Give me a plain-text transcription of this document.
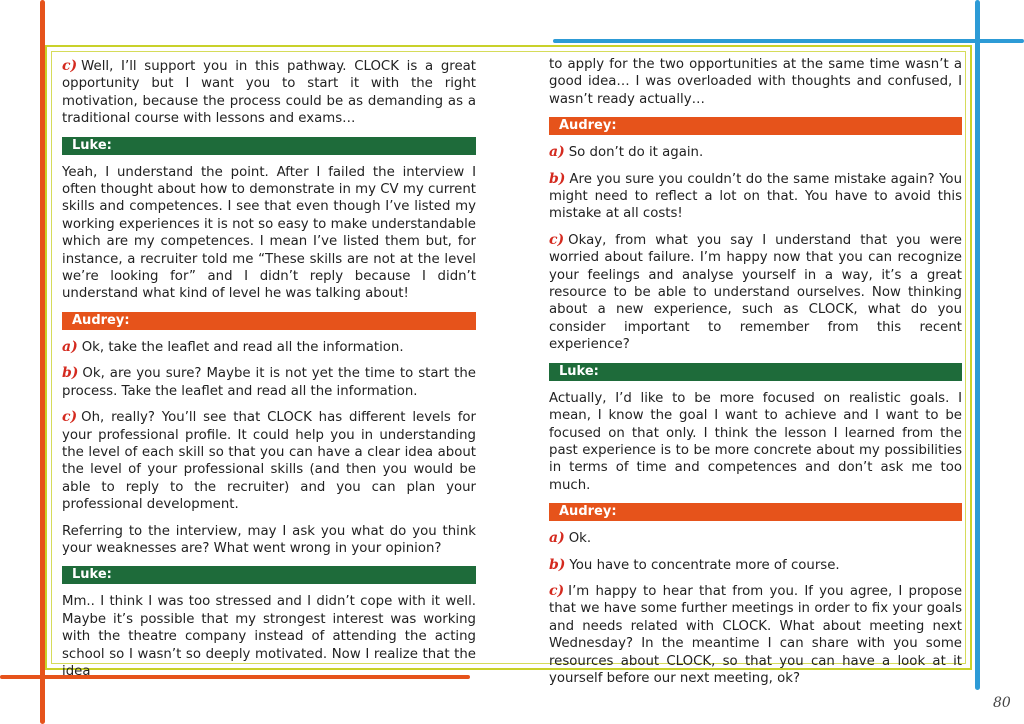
c) Well, I’ll support you in this pathway. CLOCK is a great opportunity but I want you to start it with the right motivation, because the process could be as demanding as a traditional course with lessons and exams…

Luke:

Yeah, I understand the point. After I failed the interview I often thought about how to demonstrate in my CV my current skills and competences. I see that even though I’ve listed my working experiences it is not so easy to make understandable which are my competences. I mean I’ve listed them but, for instance, a recruiter told me “These skills are not at the level we’re looking for” and I didn’t reply because I didn’t understand what kind of level he was talking about!

Audrey:

a) Ok, take the leaflet and read all the information.

b) Ok, are you sure? Maybe it is not yet the time to start the process. Take the leaflet and read all the information.

c) Oh, really? You’ll see that CLOCK has different levels for your professional profile. It could help you in understanding the level of each skill so that you can have a clear idea about the level of your professional skills (and then you would be able to reply to the recruiter) and you can plan your professional development.

Referring to the interview, may I ask you what do you think your weaknesses are? What went wrong in your opinion?

Luke:

Mm.. I think I was too stressed and I didn’t cope with it well. Maybe it’s possible that my strongest interest was working with the theatre company instead of attending the acting school so I wasn’t so deeply motivated. Now I realize that the idea

to apply for the two opportunities at the same time wasn’t a good idea… I was overloaded with thoughts and confused, I wasn’t ready actually…

Audrey:

a) So don’t do it again.

b) Are you sure you couldn’t do the same mistake again? You might need to reflect a lot on that. You have to avoid this mistake at all costs!

c) Okay, from what you say I understand that you were worried about failure. I’m happy now that you can recognize your feelings and analyse yourself in a way, it’s a great resource to be able to understand ourselves. Now thinking about a new experience, such as CLOCK, what do you consider important to remember from this recent experience?

Luke:

Actually, I’d like to be more focused on realistic goals. I mean, I know the goal I want to achieve and I want to be focused on that only. I think the lesson I learned from the past experience is to be more concrete about my possibilities in terms of time and competences and don’t ask me too much.

Audrey:

a) Ok.

b) You have to concentrate more of course.

c) I’m happy to hear that from you. If you agree, I propose that we have some further meetings in order to fix your goals and needs related with CLOCK. What about meeting next Wednesday? In the meantime I can share with you some resources about CLOCK, so that you can have a look at it yourself before our next meeting, ok?

80
